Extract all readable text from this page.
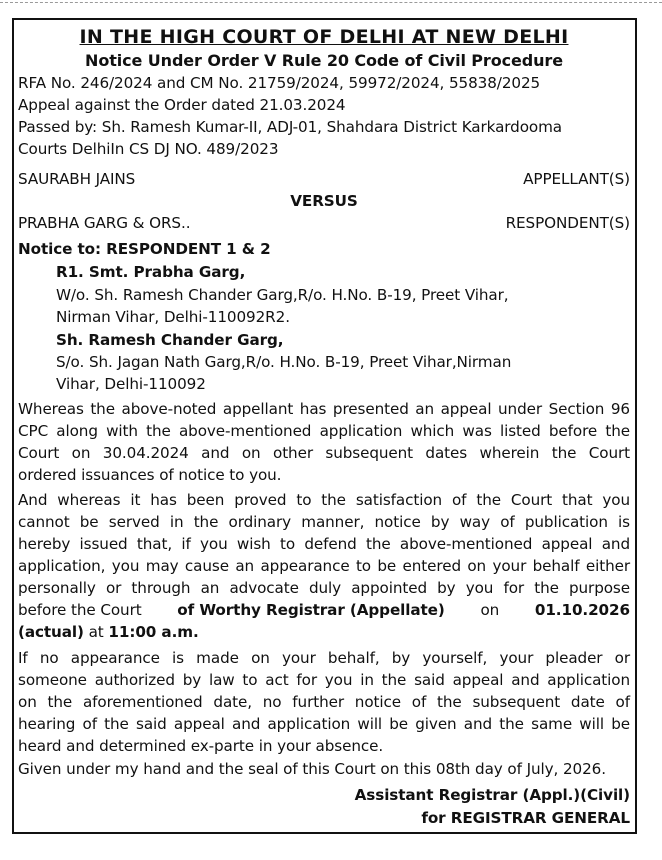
IN THE HIGH COURT OF DELHI AT NEW DELHI
Notice Under Order V Rule 20 Code of Civil Procedure
RFA No. 246/2024 and CM No. 21759/2024, 59972/2024, 55838/2025
Appeal against the Order dated 21.03.2024
Passed by: Sh. Ramesh Kumar-II, ADJ-01, Shahdara District Karkardooma
Courts DelhiIn CS DJ NO. 489/2023
SAURABH JAINS	APPELLANT(S)
VERSUS
PRABHA GARG & ORS..	RESPONDENT(S)
Notice to: RESPONDENT 1 & 2
R1. Smt. Prabha Garg,
W/o. Sh. Ramesh Chander Garg,R/o. H.No. B-19, Preet Vihar,
Nirman Vihar, Delhi-110092R2.
Sh. Ramesh Chander Garg,
S/o. Sh. Jagan Nath Garg,R/o. H.No. B-19, Preet Vihar,Nirman
Vihar, Delhi-110092
Whereas the above-noted appellant has presented an appeal under Section 96
CPC along with the above-mentioned application which was listed before the
Court on 30.04.2024 and on other subsequent dates wherein the Court
ordered issuances of notice to you.
And whereas it has been proved to the satisfaction of the Court that you
cannot be served in the ordinary manner, notice by way of publication is
hereby issued that, if you wish to defend the above-mentioned appeal and
application, you may cause an appearance to be entered on your behalf either
personally or through an advocate duly appointed by you for the purpose
before the Court of Worthy Registrar (Appellate) on 01.10.2026
(actual) at 11:00 a.m.
If no appearance is made on your behalf, by yourself, your pleader or
someone authorized by law to act for you in the said appeal and application
on the aforementioned date, no further notice of the subsequent date of
hearing of the said appeal and application will be given and the same will be
heard and determined ex-parte in your absence.
Given under my hand and the seal of this Court on this 08th day of July, 2026.
Assistant Registrar (Appl.)(Civil)
for REGISTRAR GENERAL
